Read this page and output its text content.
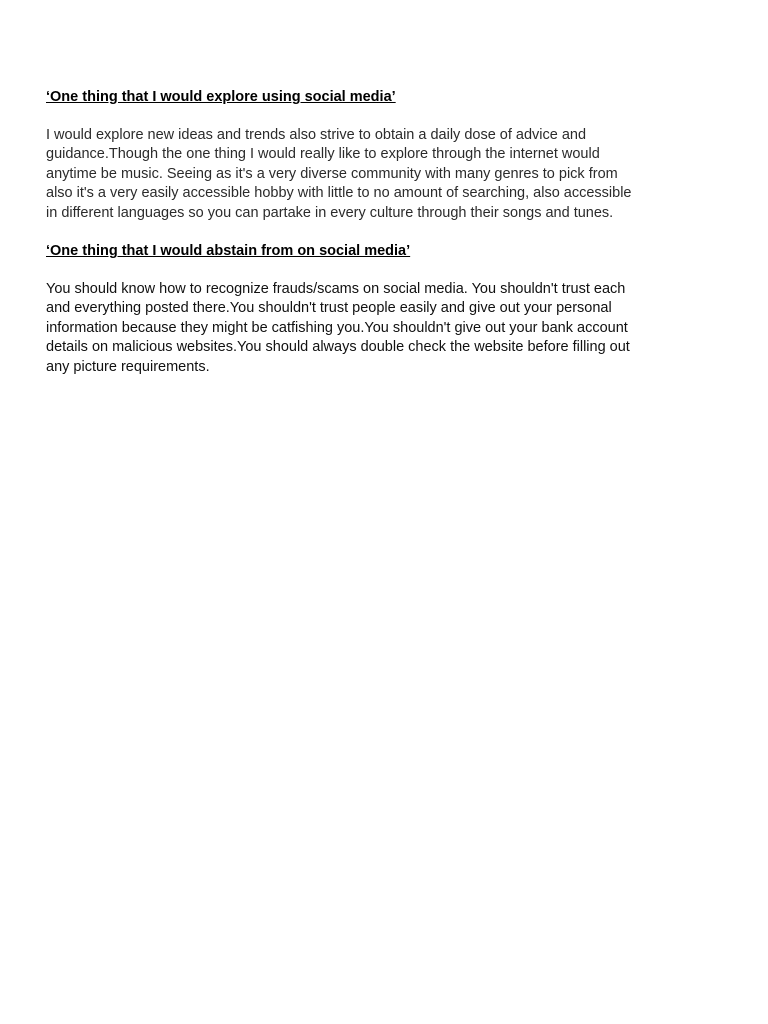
‘One thing that I would explore using social media’

I would explore new ideas and trends also strive to obtain a daily dose of advice and
guidance.Though the one thing I would really like to explore through the internet would
anytime be music. Seeing as it's a very diverse community with many genres to pick from
also it's a very easily accessible hobby with little to no amount of searching, also accessible
in different languages so you can partake in every culture through their songs and tunes.

‘One thing that I would abstain from on social media’

You should know how to recognize frauds/scams on social media. You shouldn't trust each
and everything posted there.You shouldn't trust people easily and give out your personal
information because they might be catfishing you.You shouldn't give out your bank account
details on malicious websites.You should always double check the website before filling out
any picture requirements.
